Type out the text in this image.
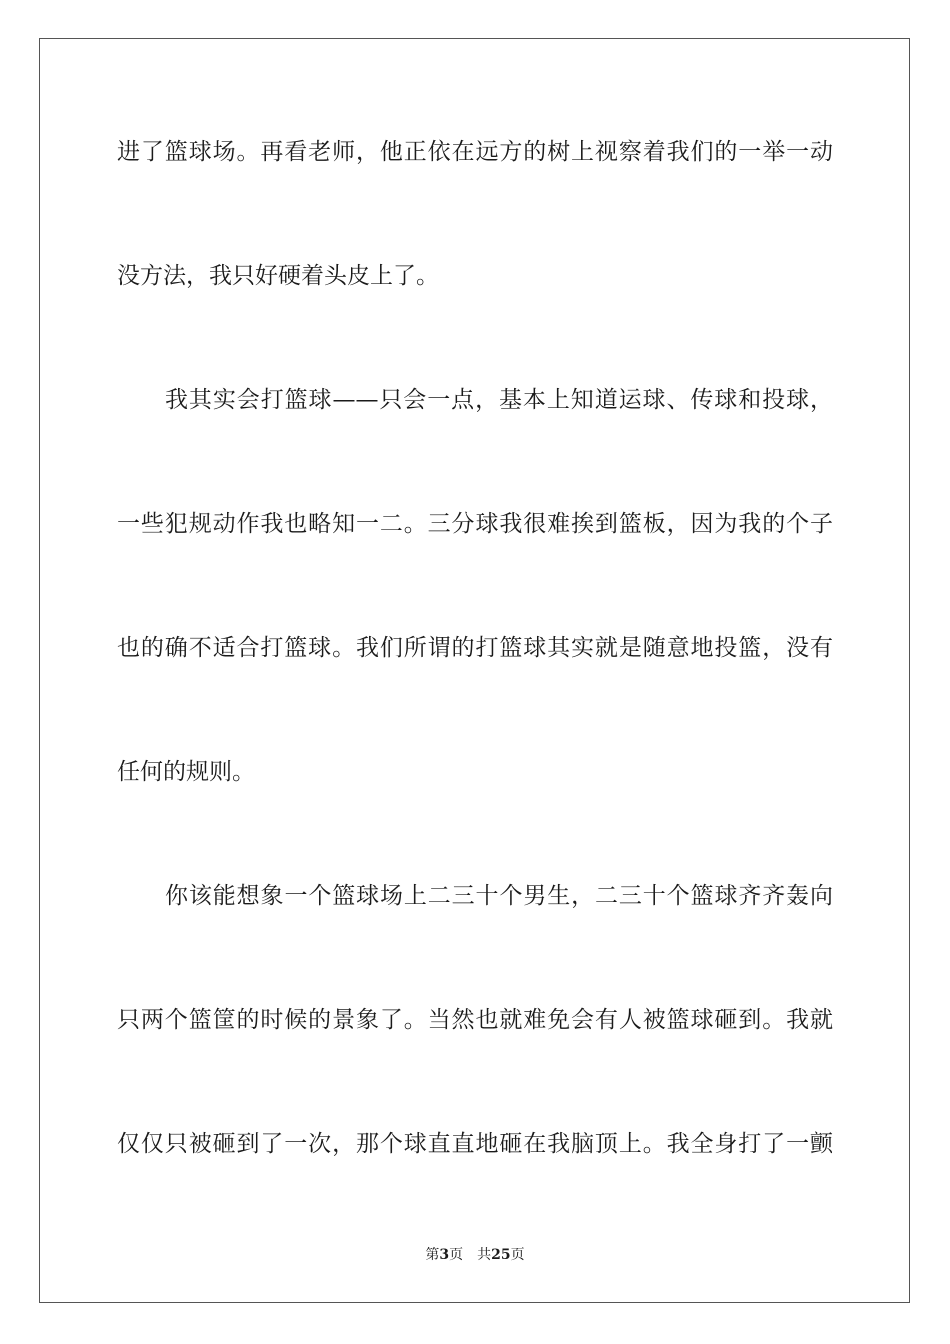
进了篮球场。再看老师，他正依在远方的树上视察着我们的一举一动
没方法，我只好硬着头皮上了。
我其实会打篮球——只会一点，基本上知道运球、传球和投球，
一些犯规动作我也略知一二。三分球我很难挨到篮板，因为我的个子
也的确不适合打篮球。我们所谓的打篮球其实就是随意地投篮，没有
任何的规则。
你该能想象一个篮球场上二三十个男生，二三十个篮球齐齐轰向
只两个篮筐的时候的景象了。当然也就难免会有人被篮球砸到。我就
仅仅只被砸到了一次，那个球直直地砸在我脑顶上。我全身打了一颤
第3页 共25页
